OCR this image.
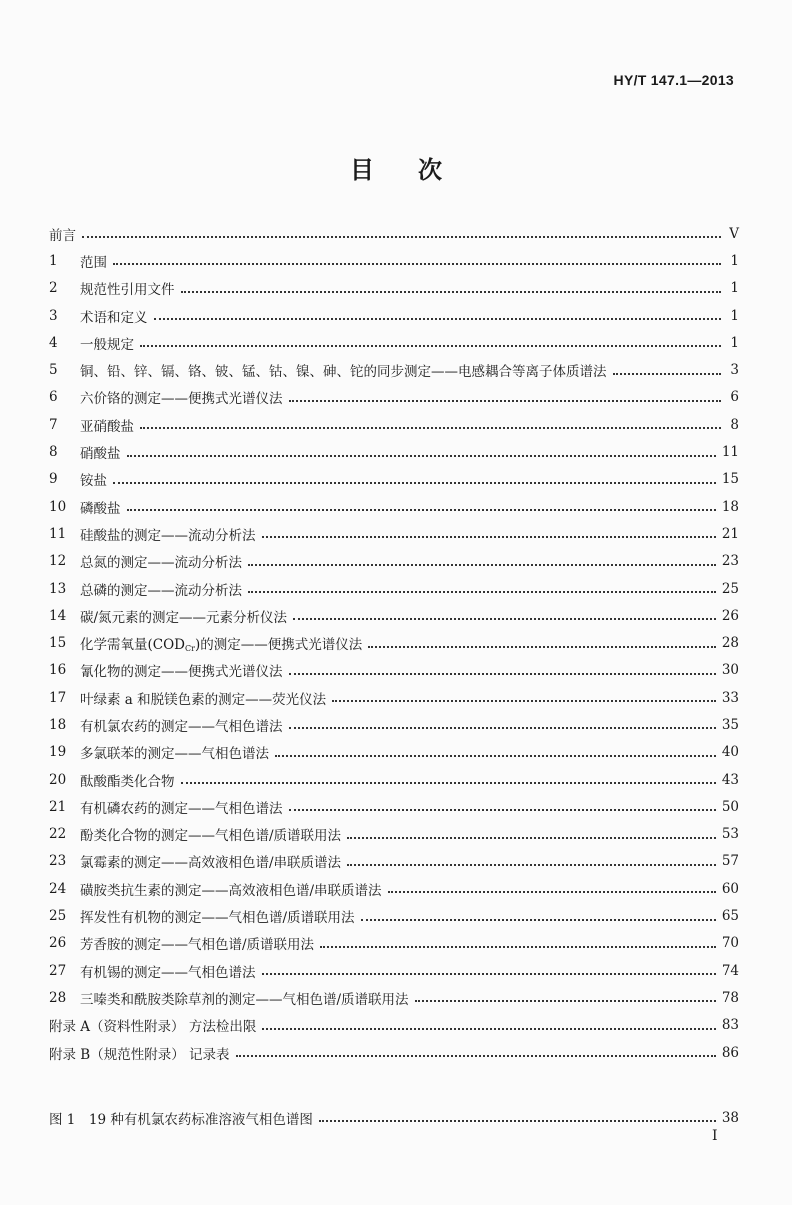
HY/T 147.1—2013
目 次
前言	V
1	范围	1
2	规范性引用文件	1
3	术语和定义	1
4	一般规定	1
5	铜、铅、锌、镉、铬、铍、锰、钴、镍、砷、铊的同步测定——电感耦合等离子体质谱法	3
6	六价铬的测定——便携式光谱仪法	6
7	亚硝酸盐	8
8	硝酸盐	11
9	铵盐	15
10	磷酸盐	18
11	硅酸盐的测定——流动分析法	21
12	总氮的测定——流动分析法	23
13	总磷的测定——流动分析法	25
14	碳/氮元素的测定——元素分析仪法	26
15	化学需氧量$(COD_{Cr})$的测定——便携式光谱仪法	28
16	氰化物的测定——便携式光谱仪法	30
17	叶绿素 a 和脱镁色素的测定——荧光仪法	33
18	有机氯农药的测定——气相色谱法	35
19	多氯联苯的测定——气相色谱法	40
20	酞酸酯类化合物	43
21	有机磷农药的测定——气相色谱法	50
22	酚类化合物的测定——气相色谱/质谱联用法	53
23	氯霉素的测定——高效液相色谱/串联质谱法	57
24	磺胺类抗生素的测定——高效液相色谱/串联质谱法	60
25	挥发性有机物的测定——气相色谱/质谱联用法	65
26	芳香胺的测定——气相色谱/质谱联用法	70
27	有机锡的测定——气相色谱法	74
28	三嗪类和酰胺类除草剂的测定——气相色谱/质谱联用法	78
附录 A（资料性附录） 方法检出限	83
附录 B（规范性附录） 记录表	86
图 1　19 种有机氯农药标准溶液气相色谱图	38
I
